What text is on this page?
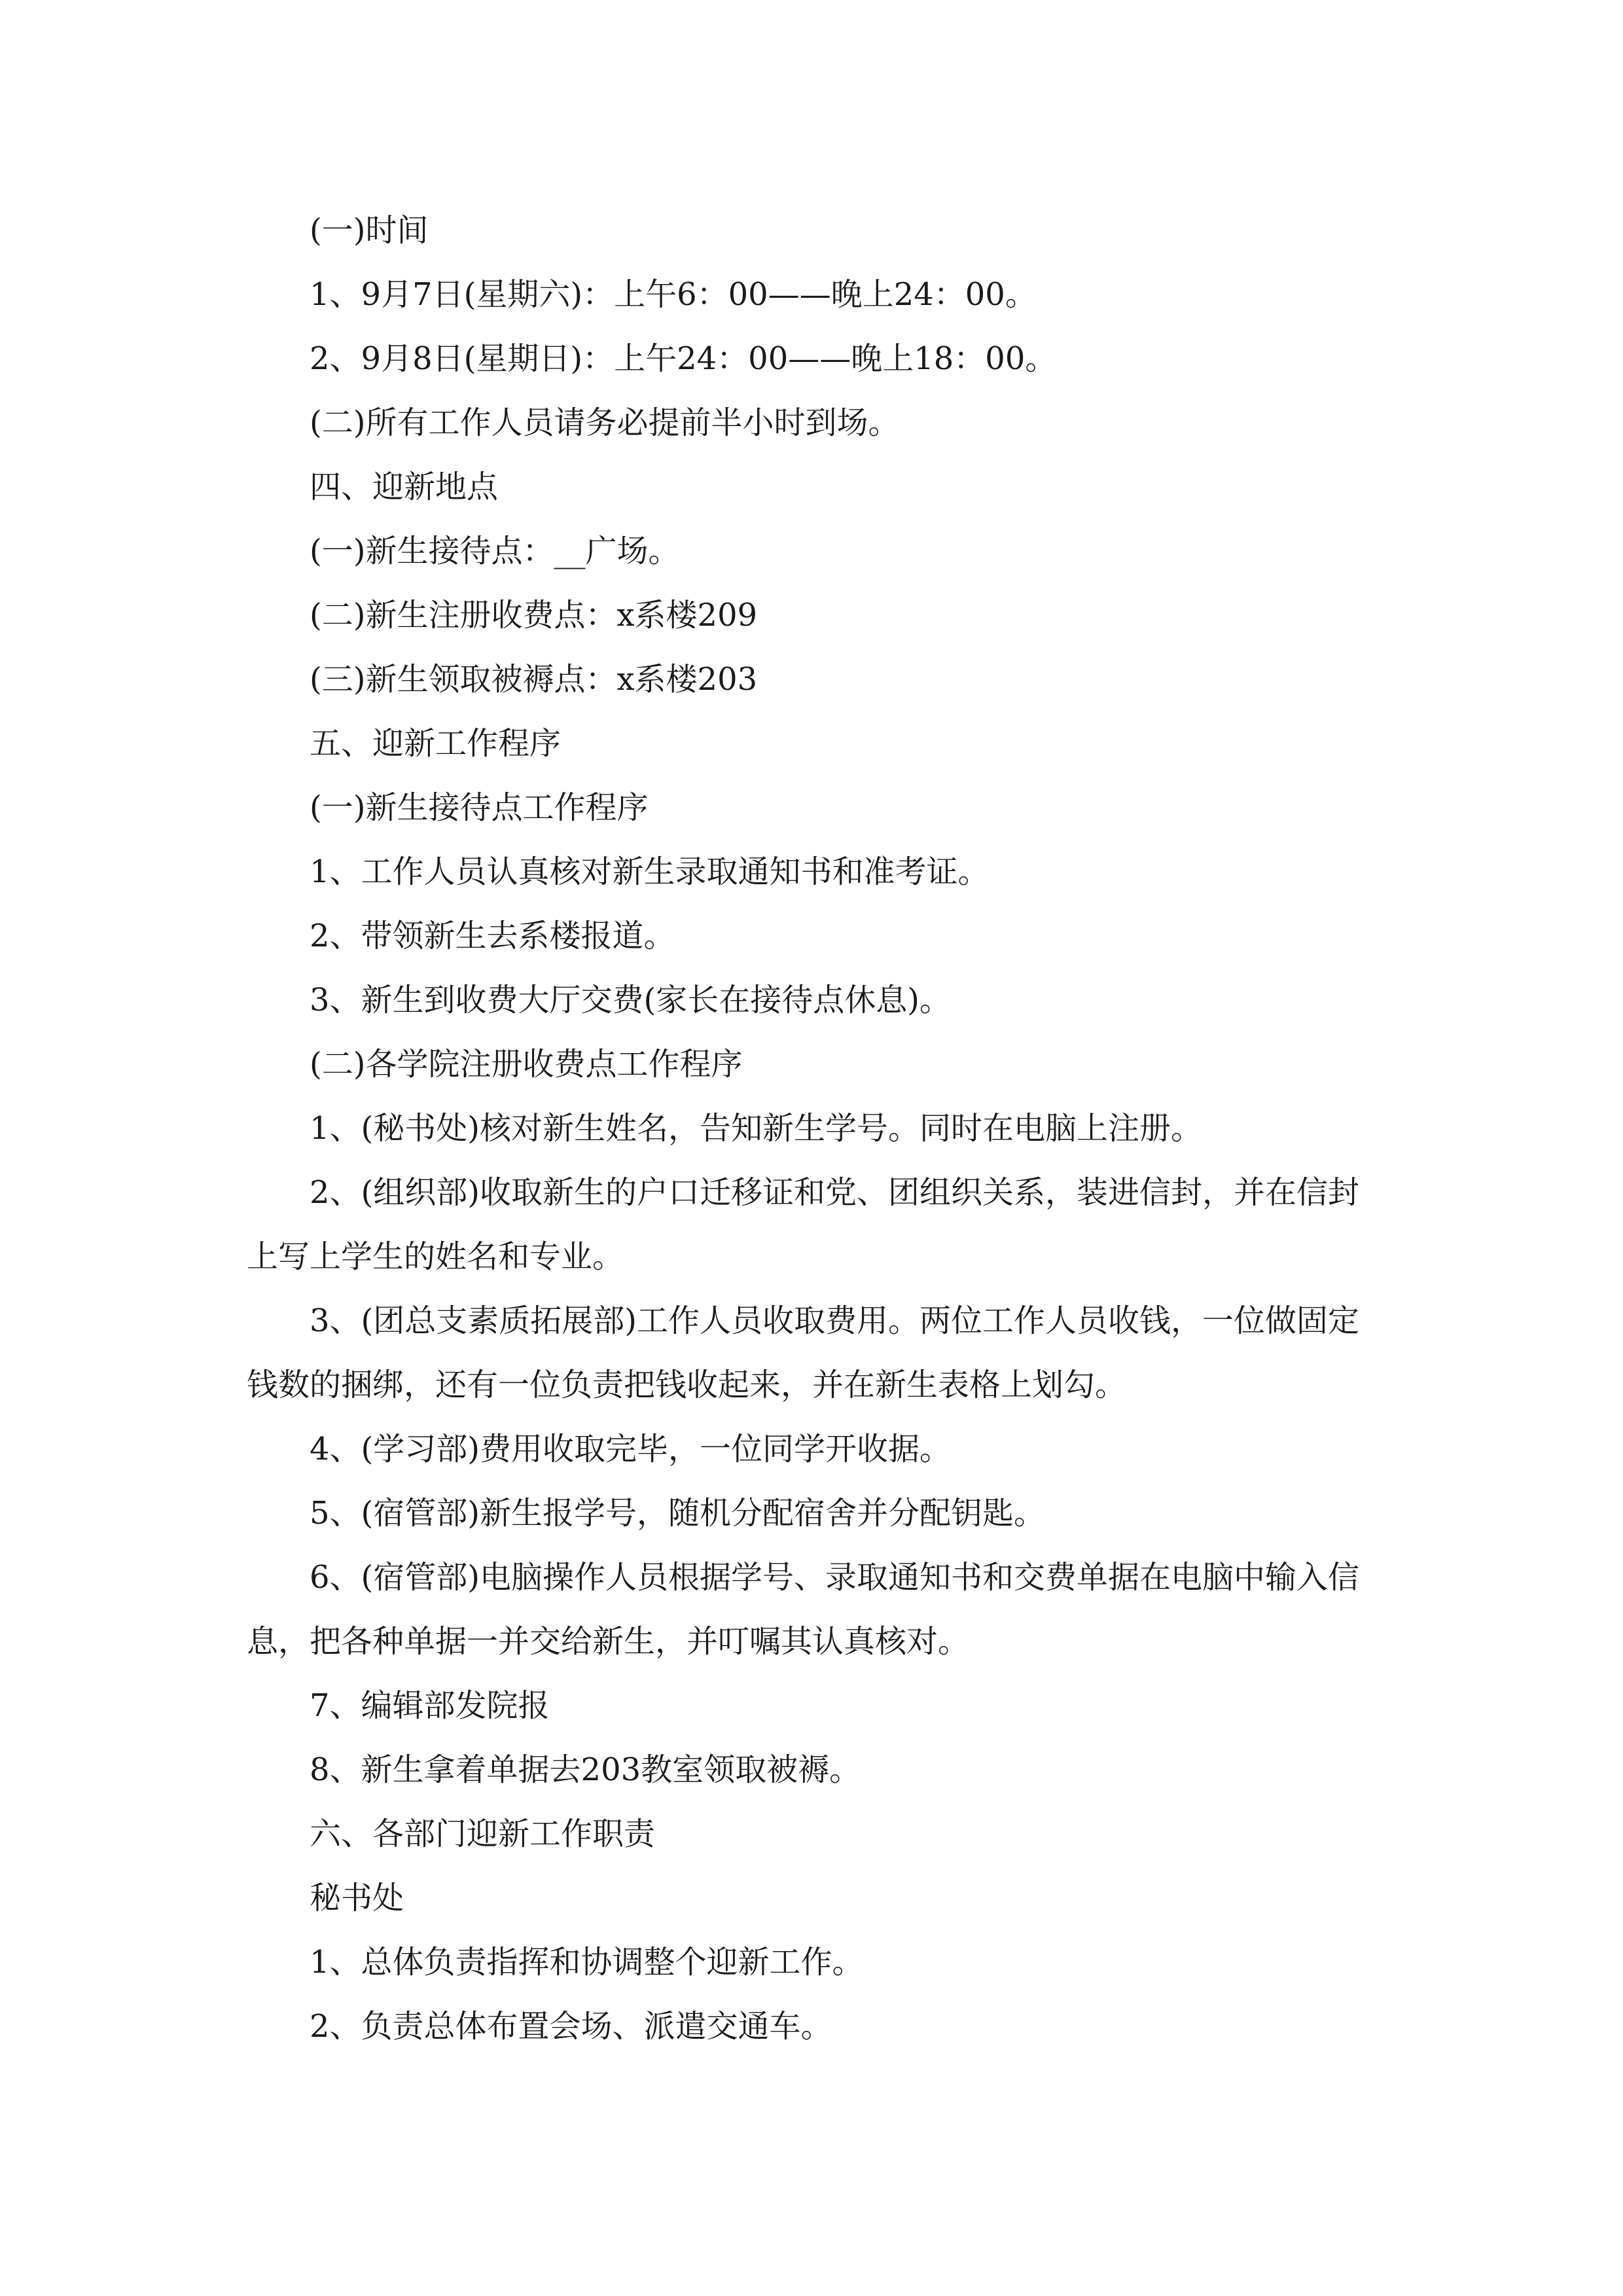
(一)时间

1、9月7日(星期六)：上午6：00——晚上24：00。

2、9月8日(星期日)：上午24：00——晚上18：00。

(二)所有工作人员请务必提前半小时到场。

四、迎新地点

(一)新生接待点：__广场。

(二)新生注册收费点：x系楼209

(三)新生领取被褥点：x系楼203

五、迎新工作程序

(一)新生接待点工作程序

1、工作人员认真核对新生录取通知书和准考证。

2、带领新生去系楼报道。

3、新生到收费大厅交费(家长在接待点休息)。

(二)各学院注册收费点工作程序

1、(秘书处)核对新生姓名，告知新生学号。同时在电脑上注册。

2、(组织部)收取新生的户口迁移证和党、团组织关系，装进信封，并在信封上写上学生的姓名和专业。

3、(团总支素质拓展部)工作人员收取费用。两位工作人员收钱，一位做固定钱数的捆绑，还有一位负责把钱收起来，并在新生表格上划勾。

4、(学习部)费用收取完毕，一位同学开收据。

5、(宿管部)新生报学号，随机分配宿舍并分配钥匙。

6、(宿管部)电脑操作人员根据学号、录取通知书和交费单据在电脑中输入信息，把各种单据一并交给新生，并叮嘱其认真核对。

7、编辑部发院报

8、新生拿着单据去203教室领取被褥。

六、各部门迎新工作职责

秘书处

1、总体负责指挥和协调整个迎新工作。

2、负责总体布置会场、派遣交通车。
